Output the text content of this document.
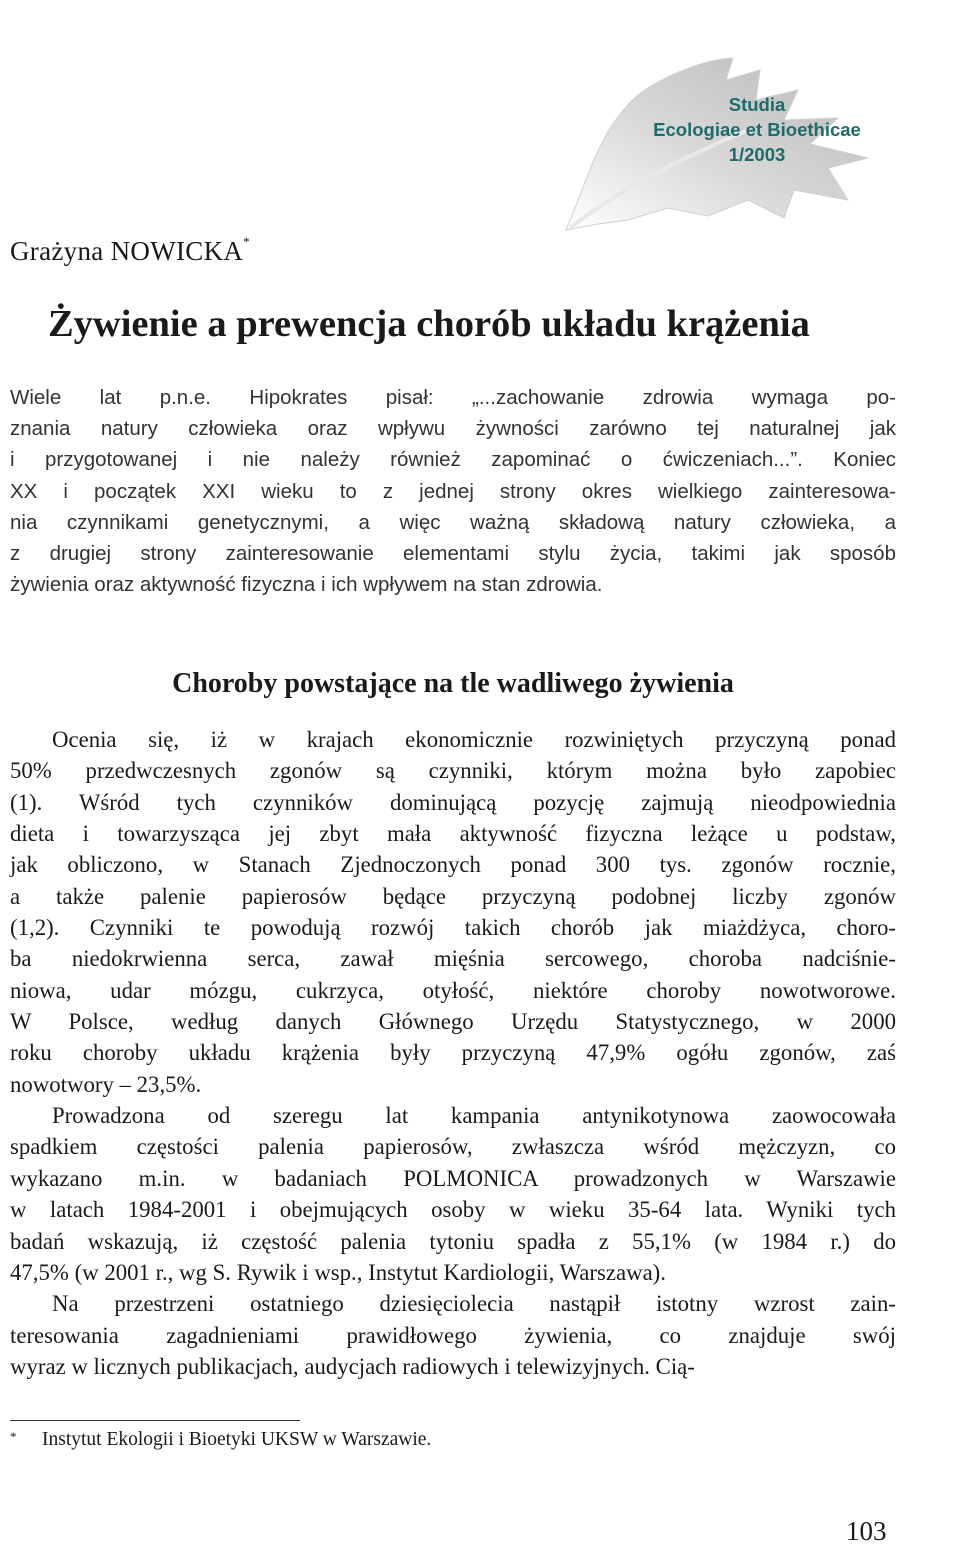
Studia
Ecologiae et Bioethicae
1/2003
Grażyna NOWICKA*
Żywienie a prewencja chorób układu krążenia
Wiele lat p.n.e. Hipokrates pisał: „...zachowanie zdrowia wymaga po-
znania natury człowieka oraz wpływu żywności zarówno tej naturalnej jak
i przygotowanej i nie należy również zapominać o ćwiczeniach...”. Koniec
XX i początek XXI wieku to z jednej strony okres wielkiego zainteresowa-
nia czynnikami genetycznymi, a więc ważną składową natury człowieka, a
z drugiej strony zainteresowanie elementami stylu życia, takimi jak sposób
żywienia oraz aktywność fizyczna i ich wpływem na stan zdrowia.
Choroby powstające na tle wadliwego żywienia
Ocenia się, iż w krajach ekonomicznie rozwiniętych przyczyną ponad
50% przedwczesnych zgonów są czynniki, którym można było zapobiec
(1). Wśród tych czynników dominującą pozycję zajmują nieodpowiednia
dieta i towarzysząca jej zbyt mała aktywność fizyczna leżące u podstaw,
jak obliczono, w Stanach Zjednoczonych ponad 300 tys. zgonów rocznie,
a także palenie papierosów będące przyczyną podobnej liczby zgonów
(1,2). Czynniki te powodują rozwój takich chorób jak miażdżyca, choro-
ba niedokrwienna serca, zawał mięśnia sercowego, choroba nadciśnie-
niowa, udar mózgu, cukrzyca, otyłość, niektóre choroby nowotworowe.
W Polsce, według danych Głównego Urzędu Statystycznego, w 2000
roku choroby układu krążenia były przyczyną 47,9% ogółu zgonów, zaś
nowotwory – 23,5%.
Prowadzona od szeregu lat kampania antynikotynowa zaowocowała
spadkiem częstości palenia papierosów, zwłaszcza wśród mężczyzn, co
wykazano m.in. w badaniach POLMONICA prowadzonych w Warszawie
w latach 1984-2001 i obejmujących osoby w wieku 35-64 lata. Wyniki tych
badań wskazują, iż częstość palenia tytoniu spadła z 55,1% (w 1984 r.) do
47,5% (w 2001 r., wg S. Rywik i wsp., Instytut Kardiologii, Warszawa).
Na przestrzeni ostatniego dziesięciolecia nastąpił istotny wzrost zain-
teresowania zagadnieniami prawidłowego żywienia, co znajduje swój
wyraz w licznych publikacjach, audycjach radiowych i telewizyjnych. Cią-
* Instytut Ekologii i Bioetyki UKSW w Warszawie.
103
